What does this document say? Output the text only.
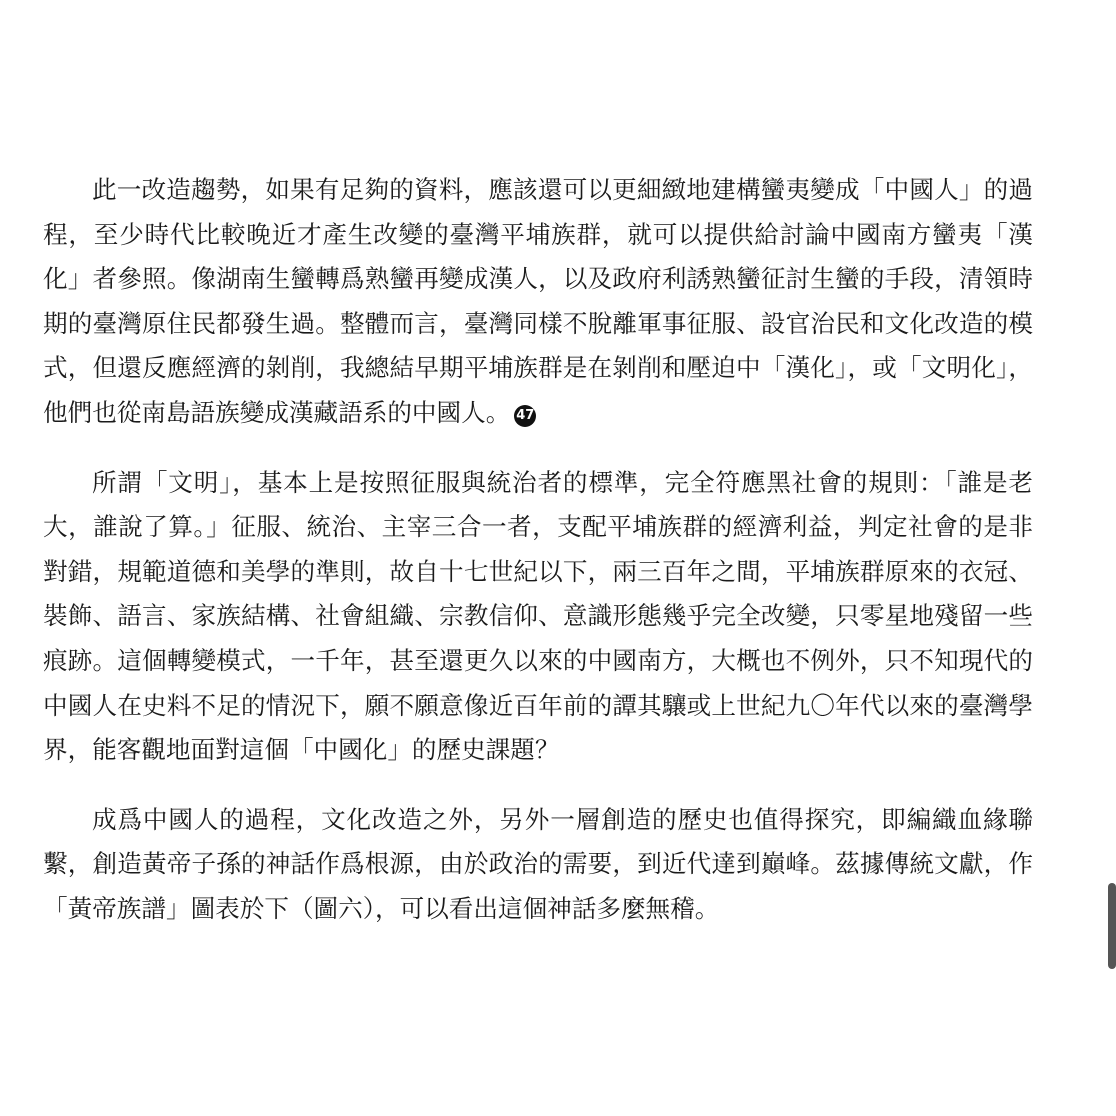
此一改造趨勢，如果有足夠的資料，應該還可以更細緻地建構蠻夷變成「中國人」的過程，至少時代比較晚近才產生改變的臺灣平埔族群，就可以提供給討論中國南方蠻夷「漢化」者參照。像湖南生蠻轉爲熟蠻再變成漢人，以及政府利誘熟蠻征討生蠻的手段，清領時期的臺灣原住民都發生過。整體而言，臺灣同樣不脫離軍事征服、設官治民和文化改造的模式，但還反應經濟的剝削，我總結早期平埔族群是在剝削和壓迫中「漢化」，或「文明化」，他們也從南島語族變成漢藏語系的中國人。 47

所謂「文明」，基本上是按照征服與統治者的標準，完全符應黑社會的規則：「誰是老大，誰說了算。」征服、統治、主宰三合一者，支配平埔族群的經濟利益，判定社會的是非對錯，規範道德和美學的準則，故自十七世紀以下，兩三百年之間，平埔族群原來的衣冠、裝飾、語言、家族結構、社會組織、宗教信仰、意識形態幾乎完全改變，只零星地殘留一些痕跡。這個轉變模式，一千年，甚至還更久以來的中國南方，大概也不例外，只不知現代的中國人在史料不足的情況下，願不願意像近百年前的譚其驤或上世紀九〇年代以來的臺灣學界，能客觀地面對這個「中國化」的歷史課題？

成爲中國人的過程，文化改造之外，另外一層創造的歷史也值得探究，即編織血緣聯繫，創造黃帝子孫的神話作爲根源，由於政治的需要，到近代達到巔峰。茲據傳統文獻，作「黃帝族譜」圖表於下（圖六），可以看出這個神話多麼無稽。
